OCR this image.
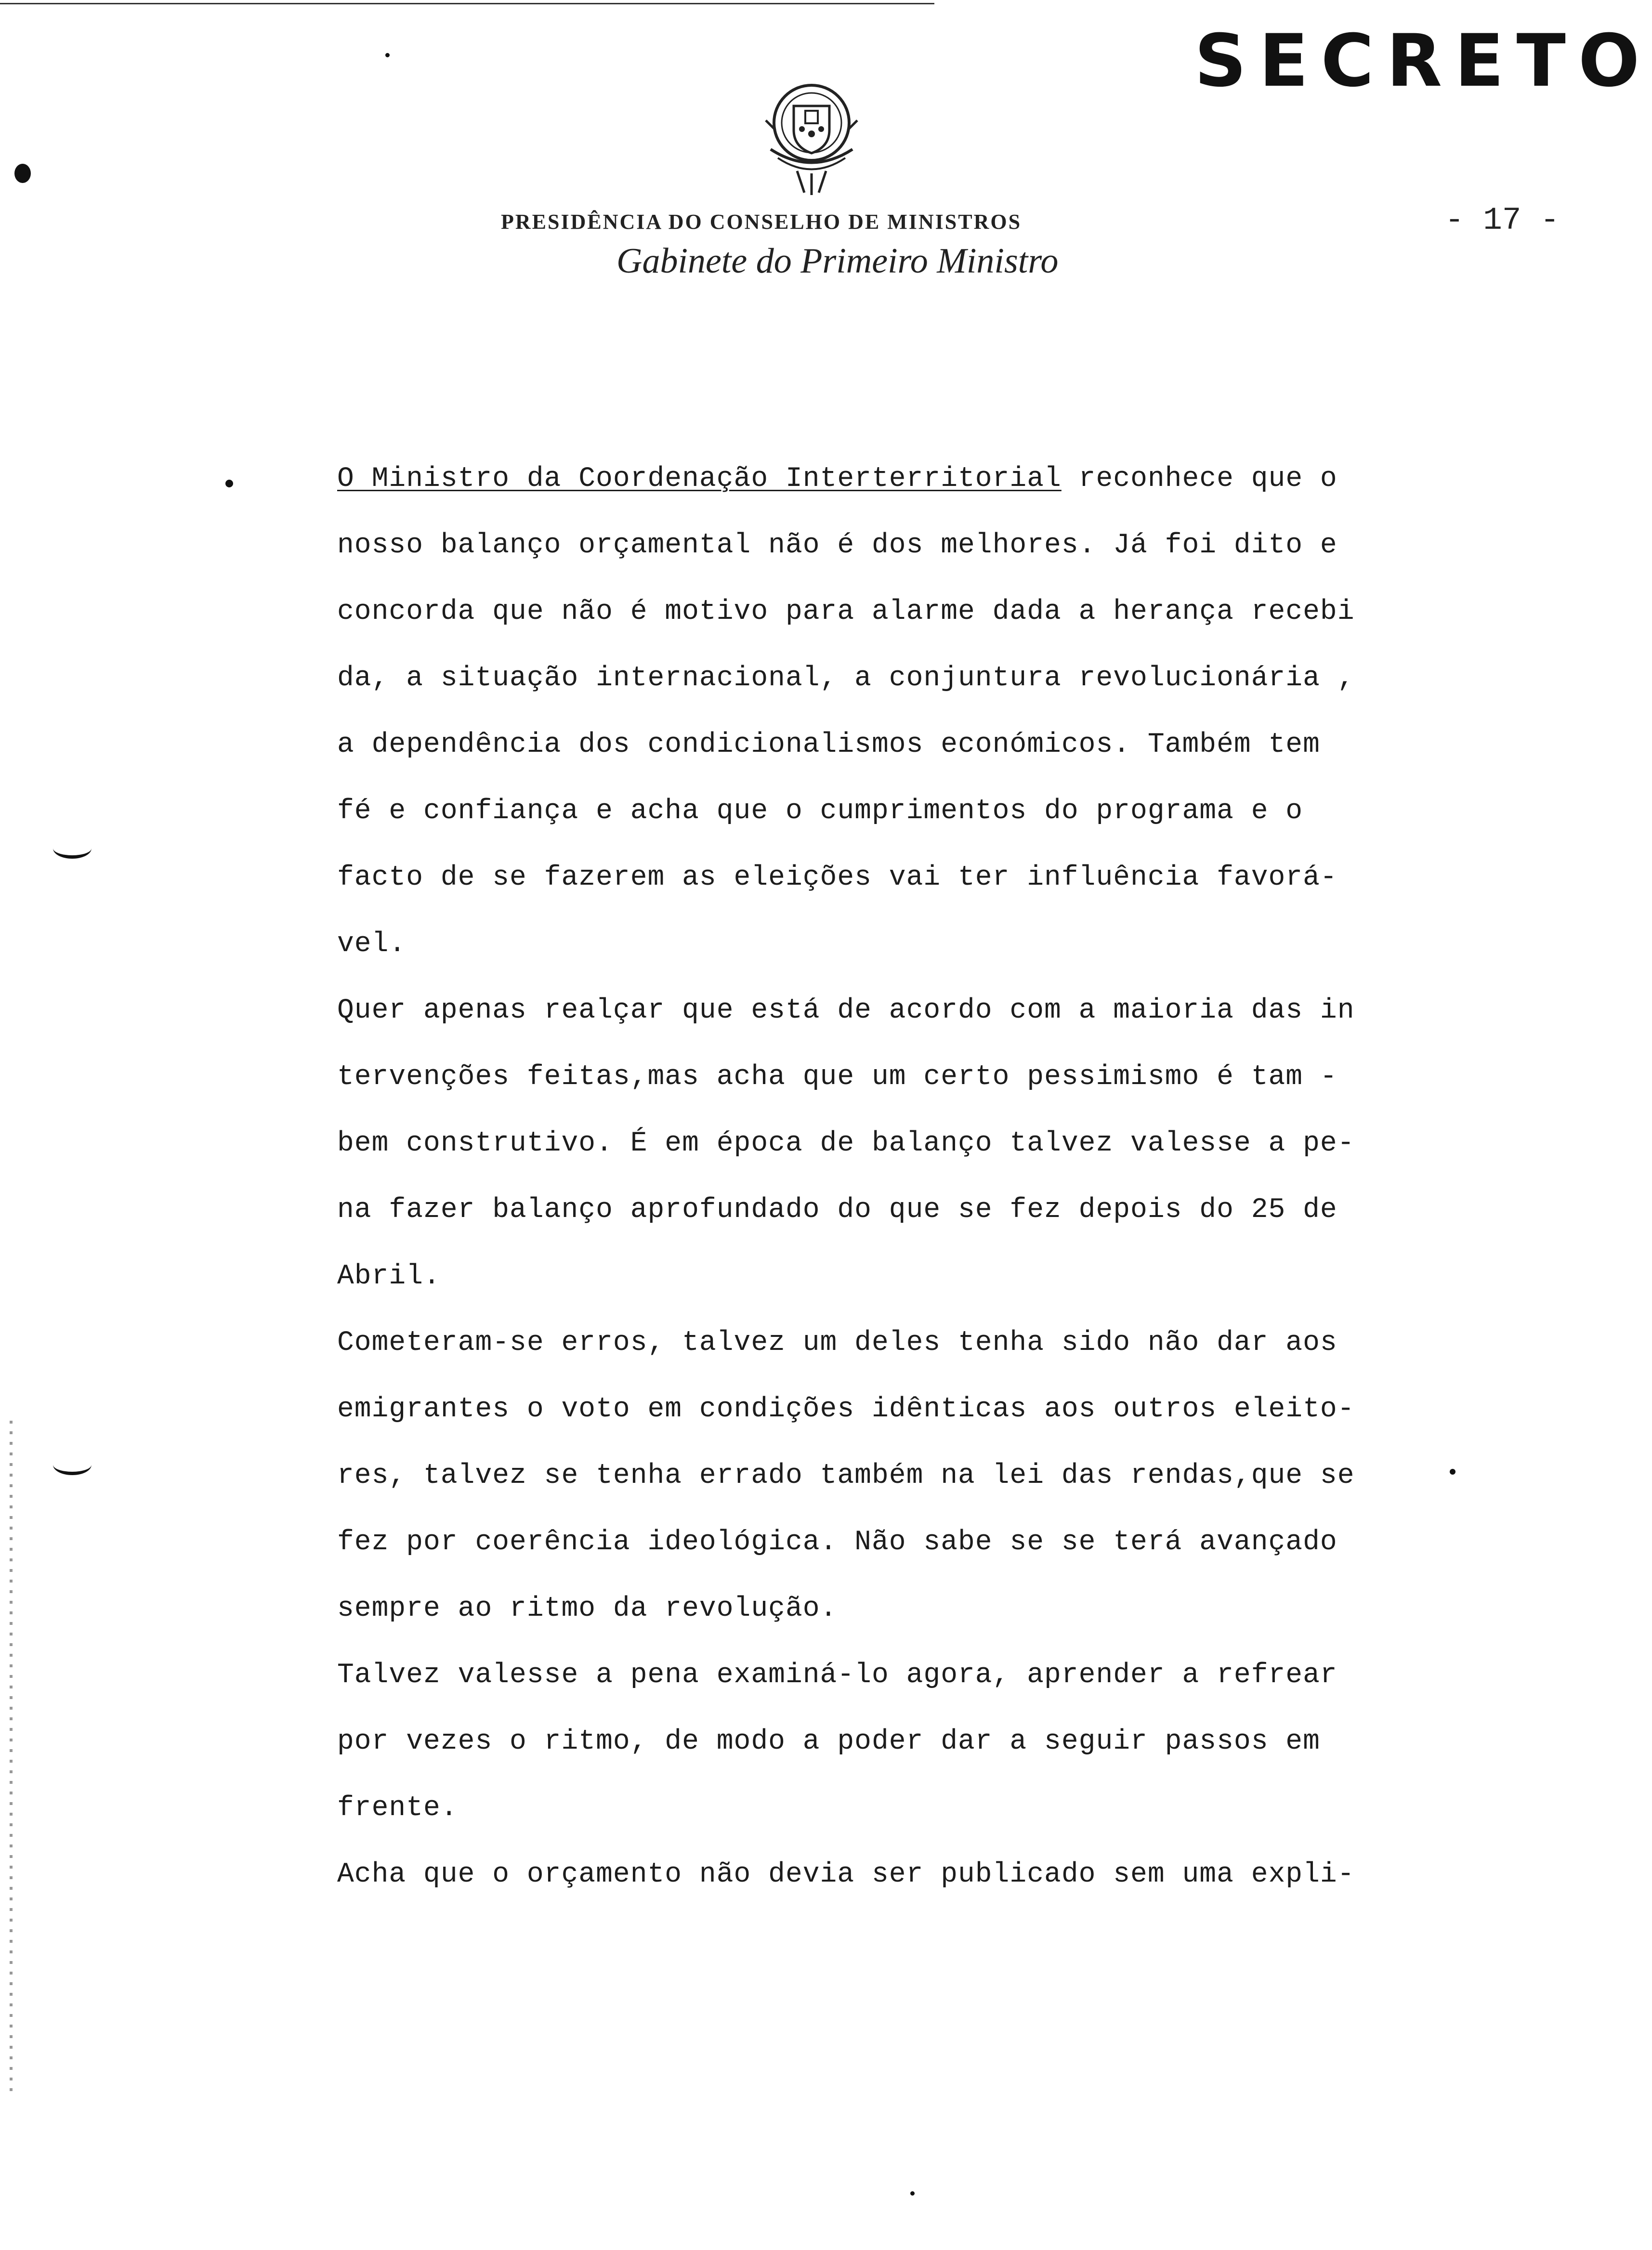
SECRETO
- 17 -
PRESIDÊNCIA DO CONSELHO DE MINISTROS
Gabinete do Primeiro Ministro
O Ministro da Coordenação Interterritorial reconhece que o
nosso balanço orçamental não é dos melhores. Já foi dito e
concorda que não é motivo para alarme dada a herança recebi
da, a situação internacional, a conjuntura revolucionária ,
a dependência dos condicionalismos económicos. Também tem
fé e confiança e acha que o cumprimentos do programa e o
facto de se fazerem as eleições vai ter influência favorá-
vel.
Quer apenas realçar que está de acordo com a maioria das in
tervenções feitas,mas acha que um certo pessimismo é tam -
bem construtivo. É em época de balanço talvez valesse a pe-
na fazer balanço aprofundado do que se fez depois do 25 de
Abril.
Cometeram-se erros, talvez um deles tenha sido não dar aos
emigrantes o voto em condições idênticas aos outros eleito-
res, talvez se tenha errado também na lei das rendas,que se
fez por coerência ideológica. Não sabe se se terá avançado
sempre ao ritmo da revolução.
Talvez valesse a pena examiná-lo agora, aprender a refrear
por vezes o ritmo, de modo a poder dar a seguir passos em
frente.
Acha que o orçamento não devia ser publicado sem uma expli-
